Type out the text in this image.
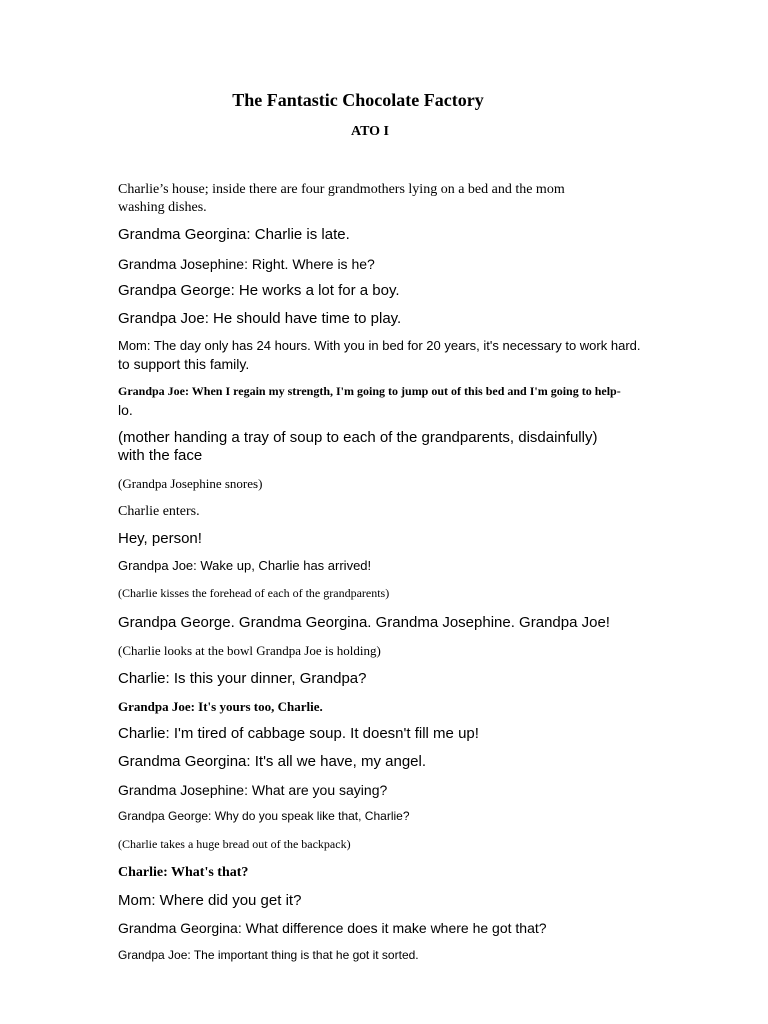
The Fantastic Chocolate Factory
ATO I

Charlie’s house; inside there are four grandmothers lying on a bed and the mom washing dishes.

Grandma Georgina: Charlie is late.

Grandma Josephine: Right. Where is he?

Grandpa George: He works a lot for a boy.

Grandpa Joe: He should have time to play.

Mom: The day only has 24 hours. With you in bed for 20 years, it's necessary to work hard.

to support this family.

Grandpa Joe: When I regain my strength, I'm going to jump out of this bed and I'm going to help-

lo.

(mother handing a tray of soup to each of the grandparents, disdainfully) with the face

(Grandpa Josephine snores)

Charlie enters.

Hey, person!

Grandpa Joe: Wake up, Charlie has arrived!

(Charlie kisses the forehead of each of the grandparents)

Grandpa George. Grandma Georgina. Grandma Josephine. Grandpa Joe!

(Charlie looks at the bowl Grandpa Joe is holding)

Charlie: Is this your dinner, Grandpa?

Grandpa Joe: It's yours too, Charlie.

Charlie: I'm tired of cabbage soup. It doesn't fill me up!

Grandma Georgina: It's all we have, my angel.

Grandma Josephine: What are you saying?

Grandpa George: Why do you speak like that, Charlie?

(Charlie takes a huge bread out of the backpack)

Charlie: What's that?

Mom: Where did you get it?

Grandma Georgina: What difference does it make where he got that?

Grandpa Joe: The important thing is that he got it sorted.
